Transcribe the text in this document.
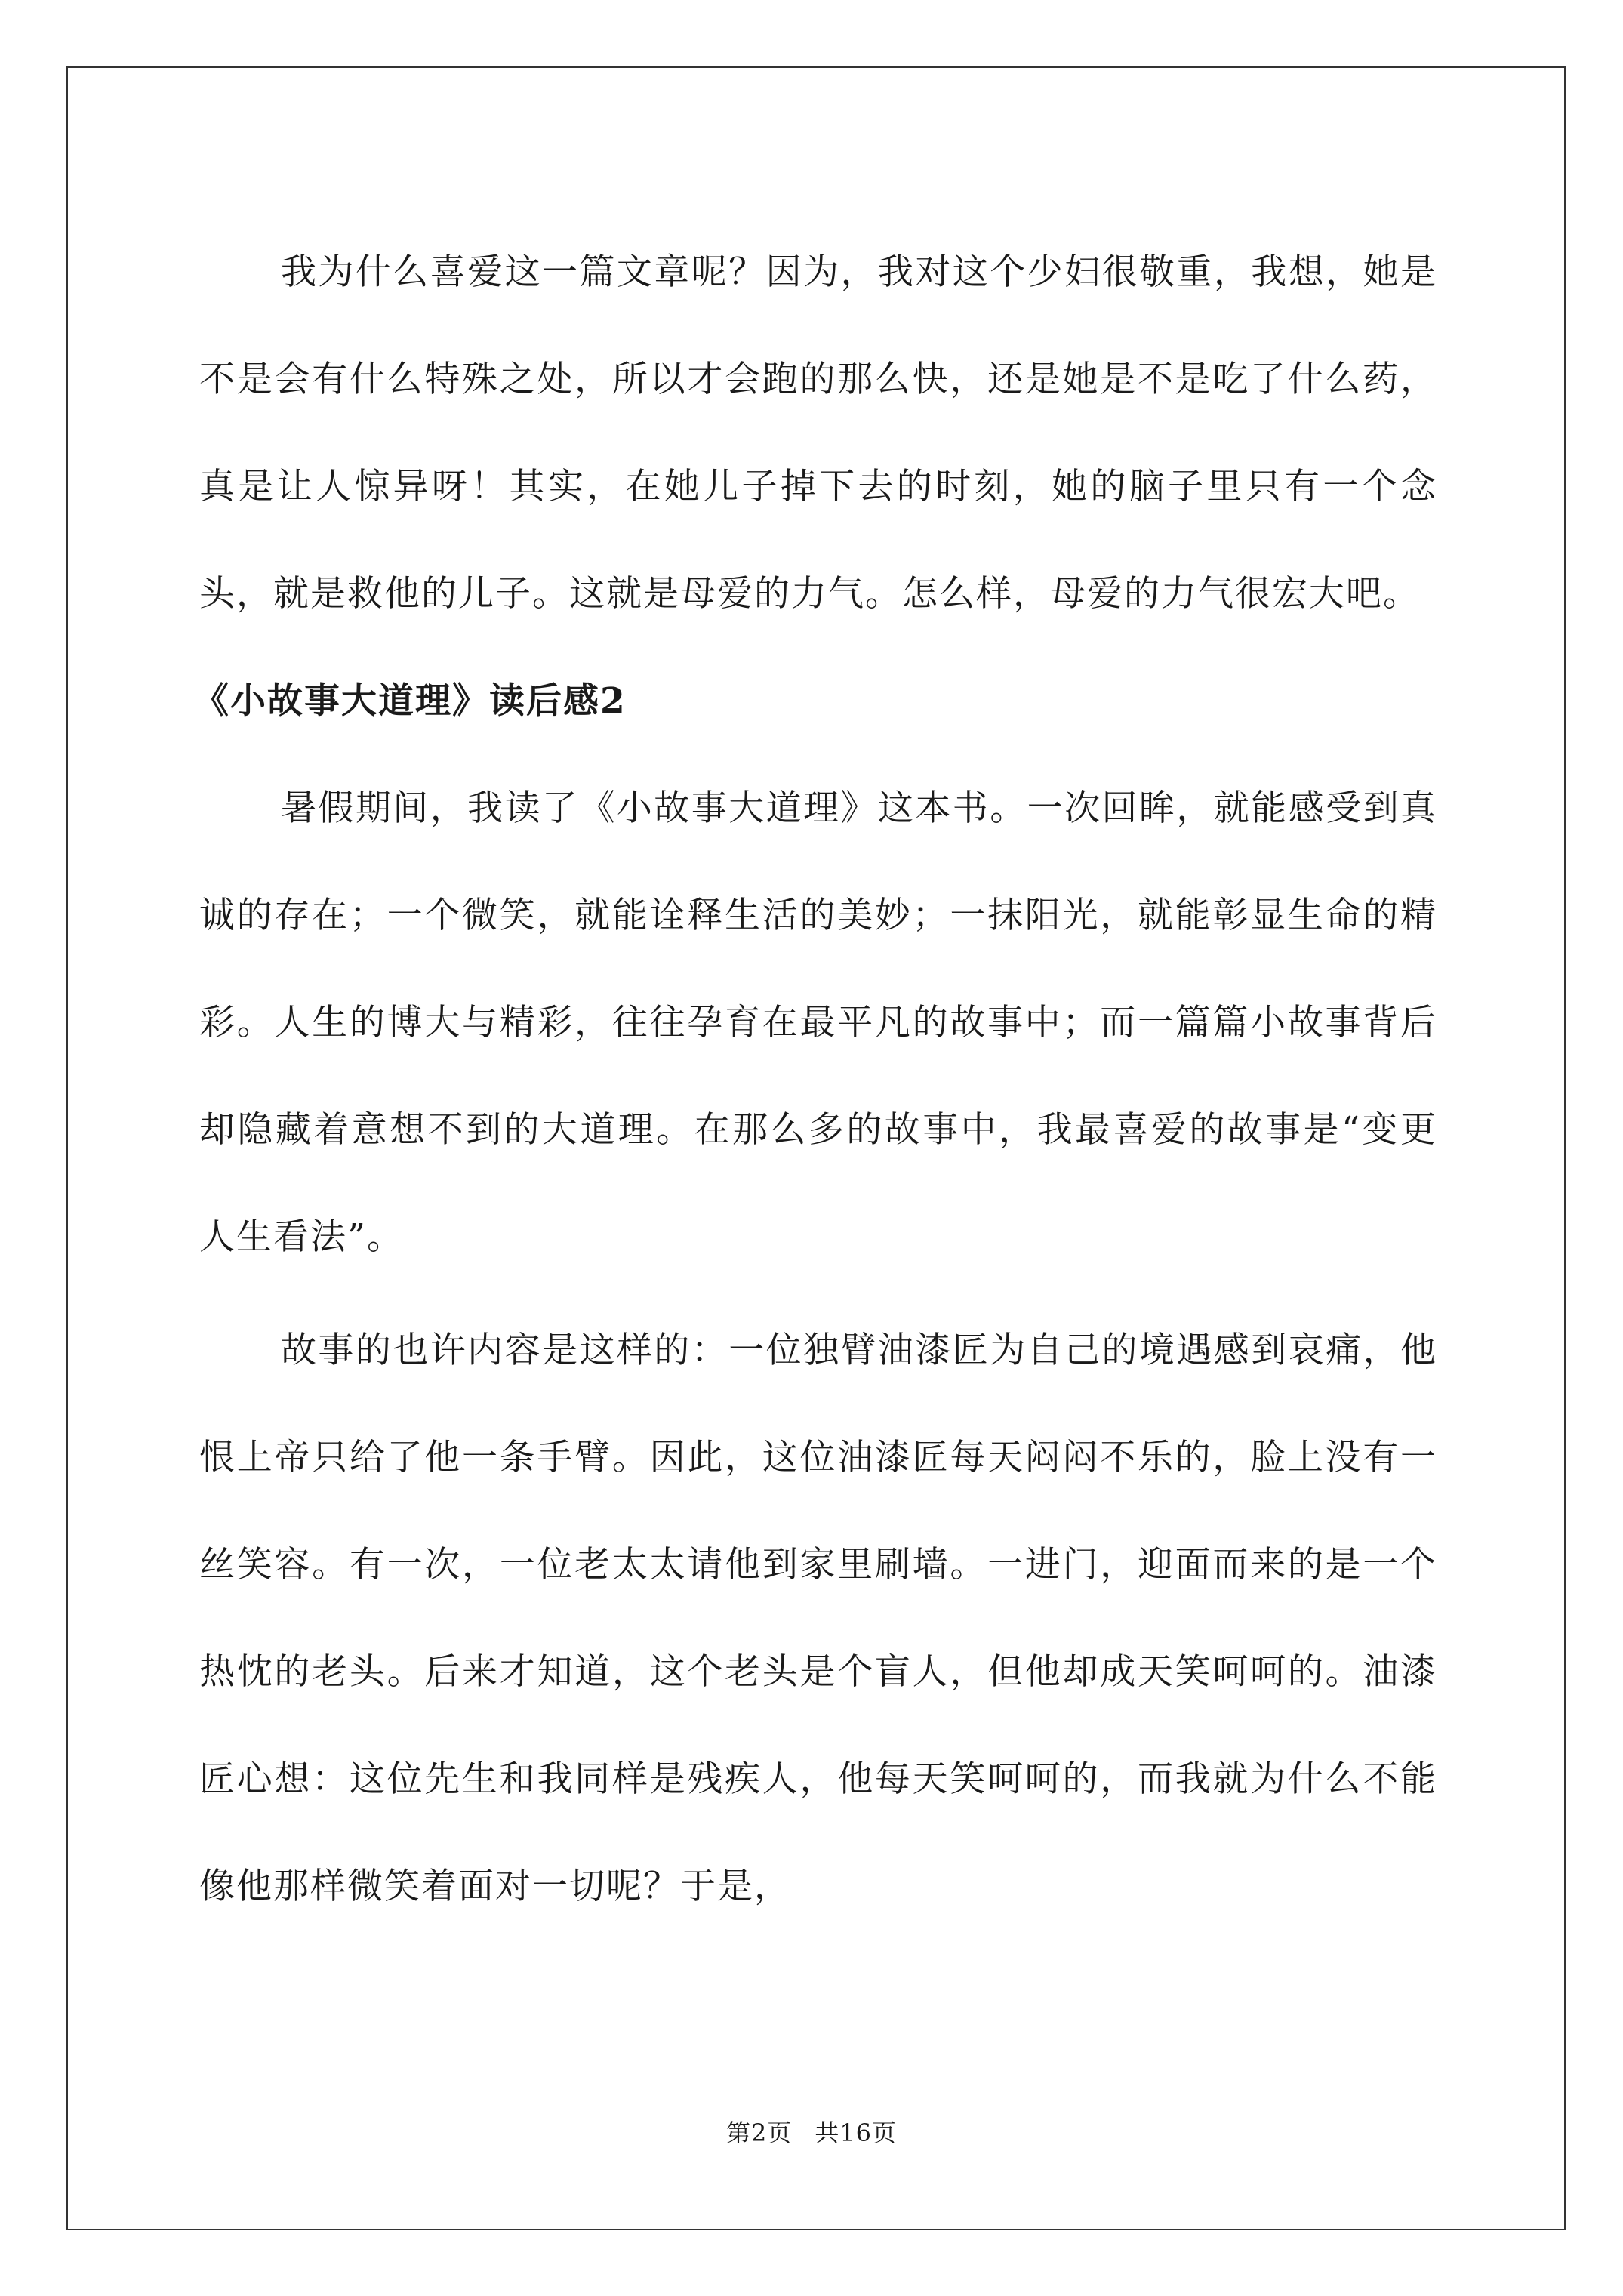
我为什么喜爱这一篇文章呢？因为，我对这个少妇很敬重，我想，她是不是会有什么特殊之处，所以才会跑的那么快，还是她是不是吃了什么药，真是让人惊异呀！其实，在她儿子掉下去的时刻，她的脑子里只有一个念头，就是救他的儿子。这就是母爱的力气。怎么样，母爱的力气很宏大吧。

《小故事大道理》读后感2

暑假期间，我读了《小故事大道理》这本书。一次回眸，就能感受到真诚的存在；一个微笑，就能诠释生活的美妙；一抹阳光，就能彰显生命的精彩。人生的博大与精彩，往往孕育在最平凡的故事中；而一篇篇小故事背后却隐藏着意想不到的大道理。在那么多的故事中，我最喜爱的故事是“变更人生看法”。

故事的也许内容是这样的：一位独臂油漆匠为自己的境遇感到哀痛，他恨上帝只给了他一条手臂。因此，这位油漆匠每天闷闷不乐的，脸上没有一丝笑容。有一次，一位老太太请他到家里刷墙。一进门，迎面而来的是一个热忱的老头。后来才知道，这个老头是个盲人，但他却成天笑呵呵的。油漆匠心想：这位先生和我同样是残疾人，他每天笑呵呵的，而我就为什么不能像他那样微笑着面对一切呢？于是，

第2页 共16页
